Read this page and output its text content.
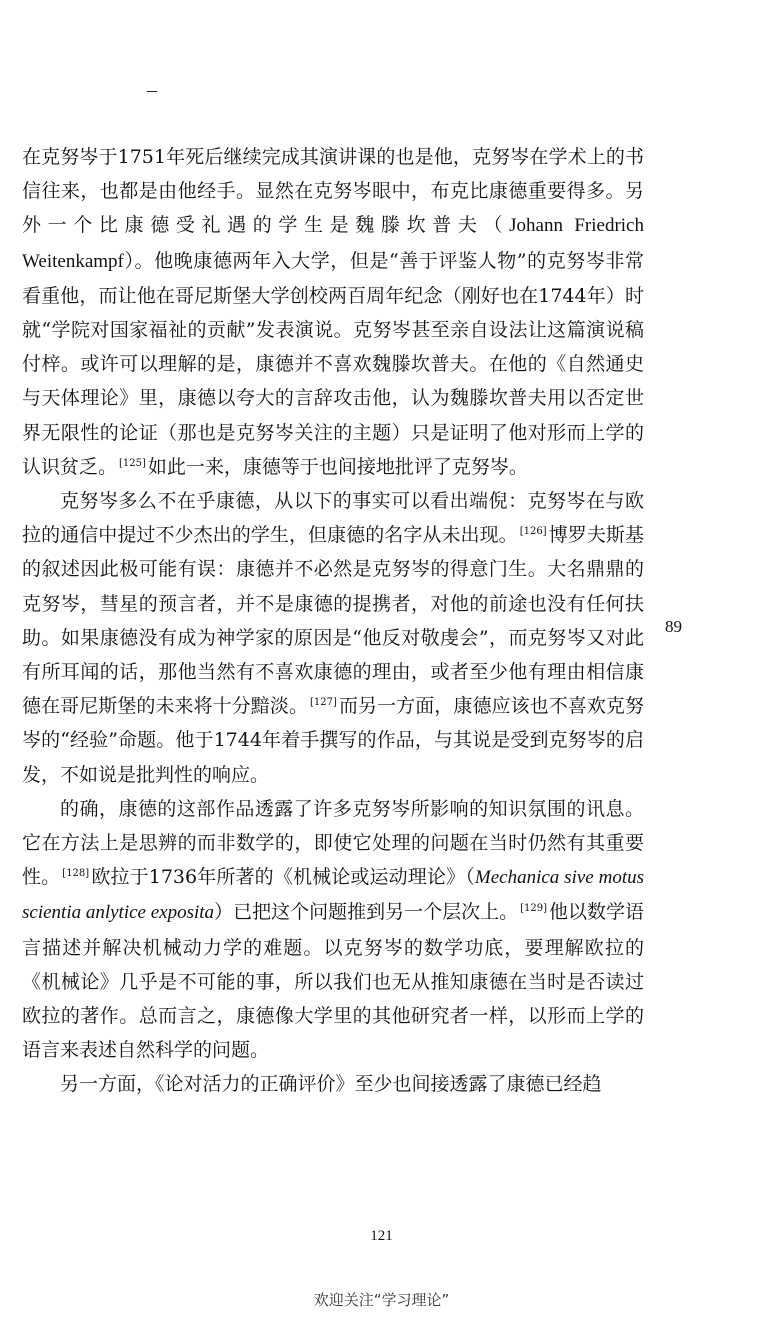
在克努岑于1751年死后继续完成其演讲课的也是他，克努岑在学术上的书信往来，也都是由他经手。显然在克努岑眼中，布克比康德重要得多。另外一个比康德受礼遇的学生是魏滕坎普夫（Johann Friedrich Weitenkampf）。他晚康德两年入大学，但是“善于评鉴人物”的克努岑非常看重他，而让他在哥尼斯堡大学创校两百周年纪念（刚好也在1744年）时就“学院对国家福祉的贡献”发表演说。克努岑甚至亲自设法让这篇演说稿付梓。或许可以理解的是，康德并不喜欢魏滕坎普夫。在他的《自然通史与天体理论》里，康德以夸大的言辞攻击他，认为魏滕坎普夫用以否定世界无限性的论证（那也是克努岑关注的主题）只是证明了他对形而上学的认识贫乏。 [125] 如此一来，康德等于也间接地批评了克努岑。

克努岑多么不在乎康德，从以下的事实可以看出端倪：克努岑在与欧拉的通信中提过不少杰出的学生，但康德的名字从未出现。 [126] 博罗夫斯基的叙述因此极可能有误：康德并不必然是克努岑的得意门生。大名鼎鼎的克努岑，彗星的预言者，并不是康德的提携者，对他的前途也没有任何扶助。如果康德没有成为神学家的原因是“他反对敬虔会”，而克努岑又对此有所耳闻的话，那他当然有不喜欢康德的理由，或者至少他有理由相信康德在哥尼斯堡的未来将十分黯淡。 [127] 而另一方面，康德应该也不喜欢克努岑的“经验”命题。他于1744年着手撰写的作品，与其说是受到克努岑的启发，不如说是批判性的响应。

的确，康德的这部作品透露了许多克努岑所影响的知识氛围的讯息。它在方法上是思辨的而非数学的，即使它处理的问题在当时仍然有其重要性。 [128] 欧拉于1736年所著的《机械论或运动理论》（Mechanica sive motus scientia anlytice exposita）已把这个问题推到另一个层次上。 [129] 他以数学语言描述并解决机械动力学的难题。以克努岑的数学功底，要理解欧拉的《机械论》几乎是不可能的事，所以我们也无从推知康德在当时是否读过欧拉的著作。总而言之，康德像大学里的其他研究者一样，以形而上学的语言来表述自然科学的问题。

另一方面，《论对活力的正确评价》至少也间接透露了康德已经趋

89
121
欢迎关注“学习理论”
